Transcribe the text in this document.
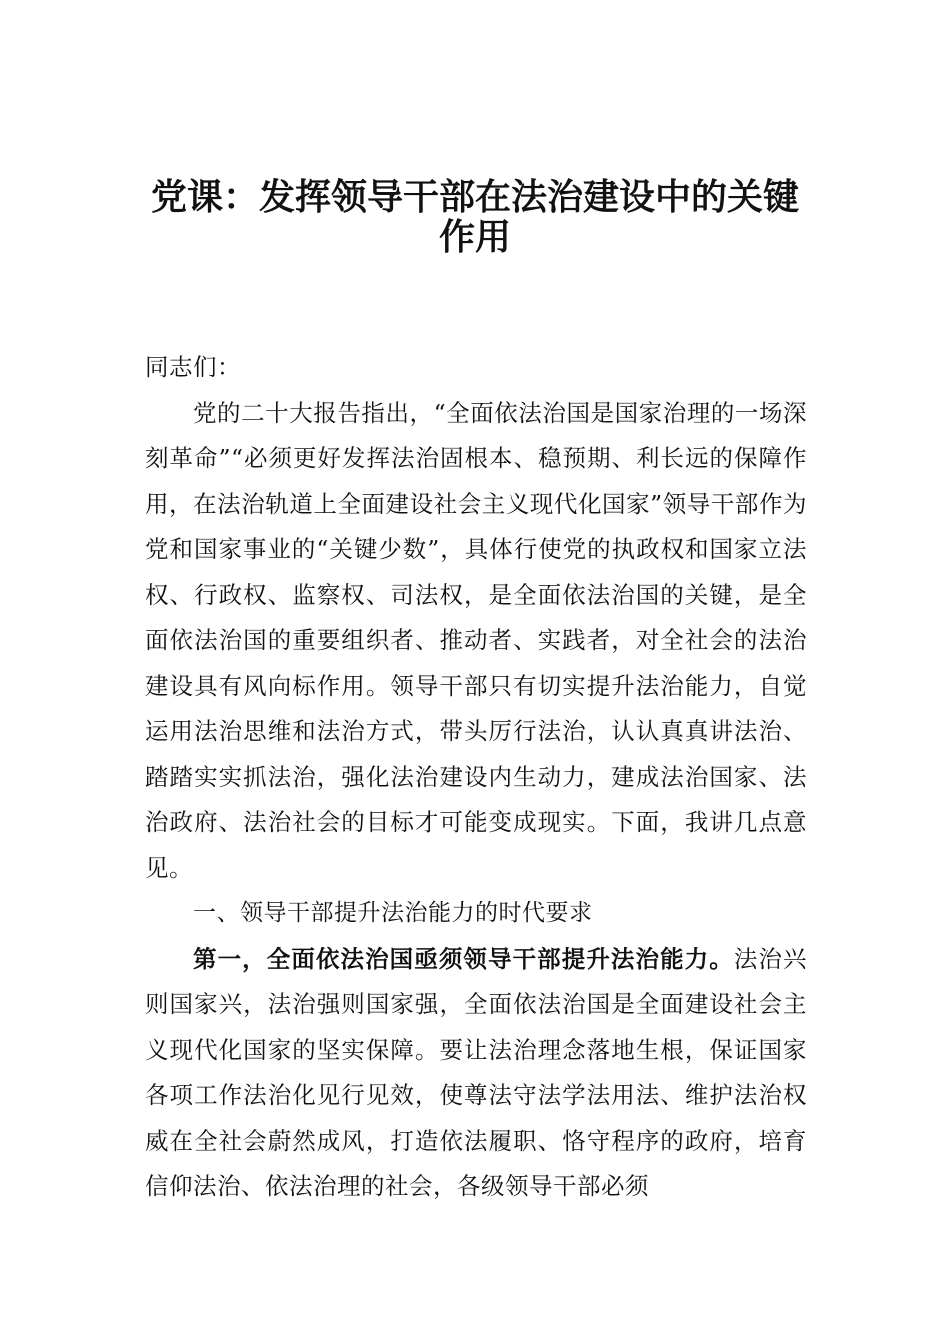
党课：发挥领导干部在法治建设中的关键
作用

同志们：

党的二十大报告指出，“全面依法治国是国家治理的一场深刻革命”“必须更好发挥法治固根本、稳预期、利长远的保障作用，在法治轨道上全面建设社会主义现代化国家”领导干部作为党和国家事业的“关键少数”，具体行使党的执政权和国家立法权、行政权、监察权、司法权，是全面依法治国的关键，是全面依法治国的重要组织者、推动者、实践者，对全社会的法治建设具有风向标作用。领导干部只有切实提升法治能力，自觉运用法治思维和法治方式，带头厉行法治，认认真真讲法治、踏踏实实抓法治，强化法治建设内生动力，建成法治国家、法治政府、法治社会的目标才可能变成现实。下面，我讲几点意见。

一、领导干部提升法治能力的时代要求

第一，全面依法治国亟须领导干部提升法治能力。法治兴则国家兴，法治强则国家强，全面依法治国是全面建设社会主义现代化国家的坚实保障。要让法治理念落地生根，保证国家各项工作法治化见行见效，使尊法守法学法用法、维护法治权威在全社会蔚然成风，打造依法履职、恪守程序的政府，培育信仰法治、依法治理的社会，各级领导干部必须
